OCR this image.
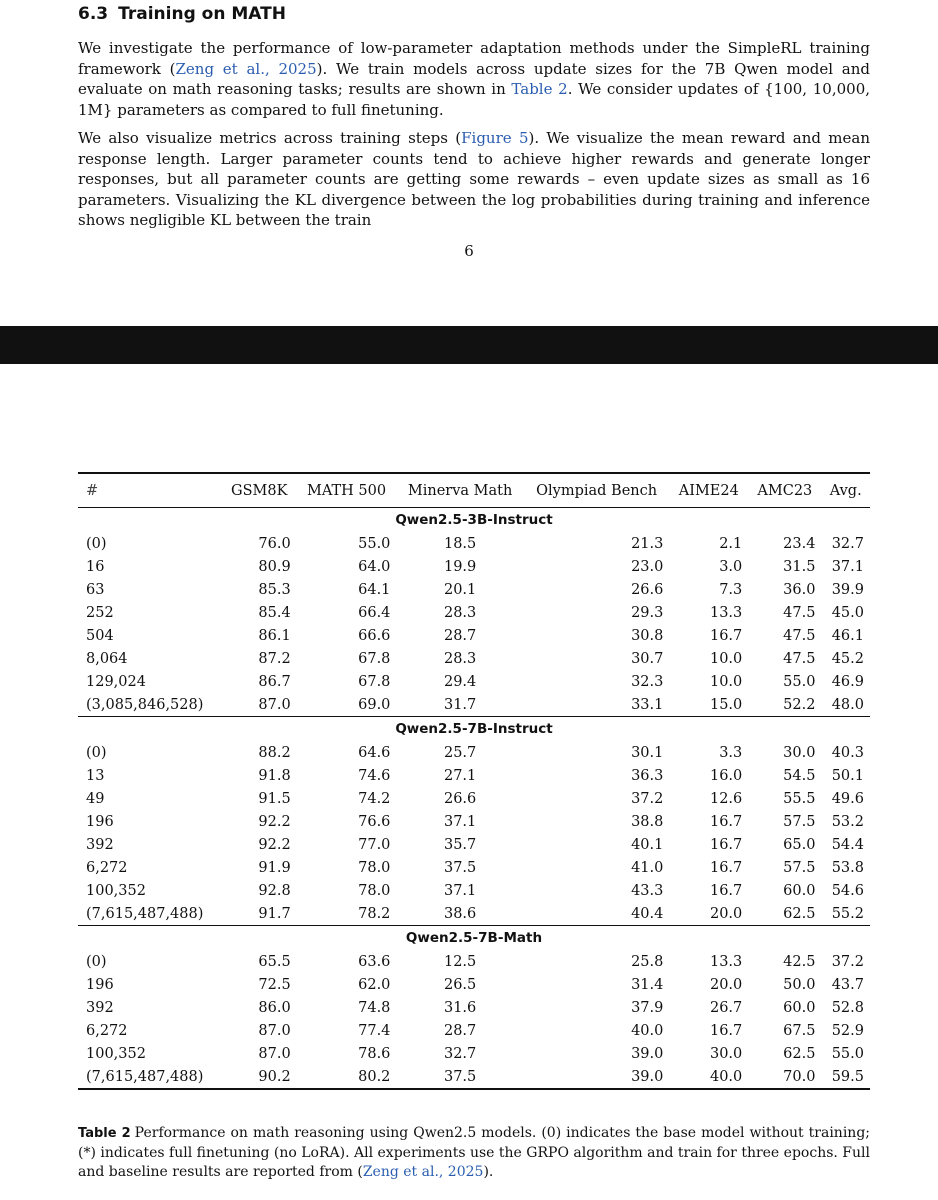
6.3 Training on MATH

We investigate the performance of low-parameter adaptation methods under the SimpleRL training framework (Zeng et al., 2025). We train models across update sizes for the 7B Qwen model and evaluate on math reasoning tasks; results are shown in Table 2. We consider updates of {100, 10,000, 1M} parameters as compared to full finetuning.

We also visualize metrics across training steps (Figure 5). We visualize the mean reward and mean response length. Larger parameter counts tend to achieve higher rewards and generate longer responses, but all parameter counts are getting some rewards – even update sizes as small as 16 parameters. Visualizing the KL divergence between the log probabilities during training and inference shows negligible KL between the train

6
#	GSM8K	MATH 500	Minerva Math	Olympiad Bench	AIME24	AMC23	Avg.
Qwen2.5-3B-Instruct							
(0)	76.0	55.0	18.5	21.3	2.1	23.4	32.7
16	80.9	64.0	19.9	23.0	3.0	31.5	37.1
63	85.3	64.1	20.1	26.6	7.3	36.0	39.9
252	85.4	66.4	28.3	29.3	13.3	47.5	45.0
504	86.1	66.6	28.7	30.8	16.7	47.5	46.1
8,064	87.2	67.8	28.3	30.7	10.0	47.5	45.2
129,024	86.7	67.8	29.4	32.3	10.0	55.0	46.9
(3,085,846,528)	87.0	69.0	31.7	33.1	15.0	52.2	48.0
Qwen2.5-7B-Instruct							
(0)	88.2	64.6	25.7	30.1	3.3	30.0	40.3
13	91.8	74.6	27.1	36.3	16.0	54.5	50.1
49	91.5	74.2	26.6	37.2	12.6	55.5	49.6
196	92.2	76.6	37.1	38.8	16.7	57.5	53.2
392	92.2	77.0	35.7	40.1	16.7	65.0	54.4
6,272	91.9	78.0	37.5	41.0	16.7	57.5	53.8
100,352	92.8	78.0	37.1	43.3	16.7	60.0	54.6
(7,615,487,488)	91.7	78.2	38.6	40.4	20.0	62.5	55.2
Qwen2.5-7B-Math							
(0)	65.5	63.6	12.5	25.8	13.3	42.5	37.2
196	72.5	62.0	26.5	31.4	20.0	50.0	43.7
392	86.0	74.8	31.6	37.9	26.7	60.0	52.8
6,272	87.0	77.4	28.7	40.0	16.7	67.5	52.9
100,352	87.0	78.6	32.7	39.0	30.0	62.5	55.0
(7,615,487,488)	90.2	80.2	37.5	39.0	40.0	70.0	59.5

Table 2 Performance on math reasoning using Qwen2.5 models. (0) indicates the base model without training; (*) indicates full finetuning (no LoRA). All experiments use the GRPO algorithm and train for three epochs. Full and baseline results are reported from (Zeng et al., 2025).
